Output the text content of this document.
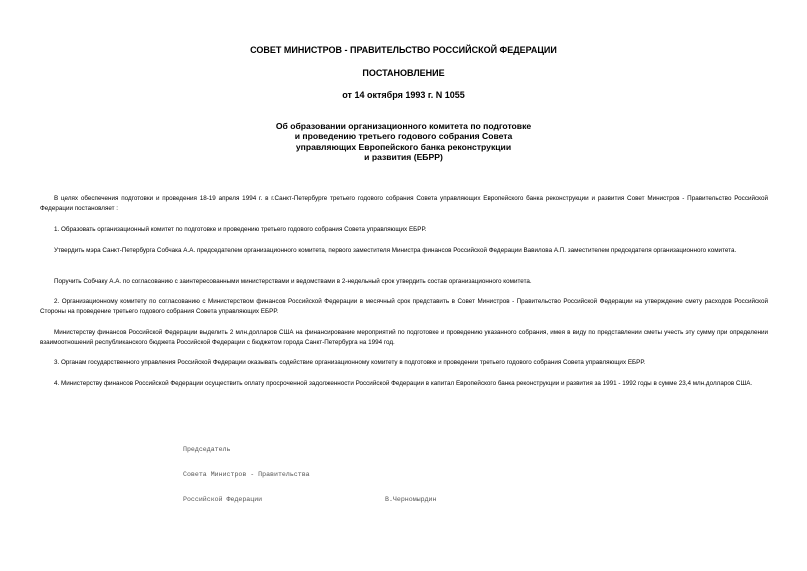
СОВЕТ МИНИСТРОВ - ПРАВИТЕЛЬСТВО РОССИЙСКОЙ ФЕДЕРАЦИИ
ПОСТАНОВЛЕНИЕ
от 14 октября 1993 г. N 1055
Об образовании организационного комитета по подготовке
и проведению третьего годового собрания Совета
управляющих Европейского банка реконструкции
и развития (ЕБРР)

В целях обеспечения подготовки и проведения 18-19 апреля 1994 г. в г.Санкт-Петербурге третьего годового собрания Совета управляющих Европейского банка реконструкции и развития Совет Министров - Правительство Российской Федерации постановляет :

1. Образовать организационный комитет по подготовке и проведению третьего годового собрания Совета управляющих ЕБРР.

Утвердить мэра Санкт-Петербурга Собчака А.А. председателем организационного комитета, первого заместителя Министра финансов Российской Федерации Вавилова А.П. заместителем председателя организационного комитета.

Поручить Собчаку А.А. по согласованию с заинтересованными министерствами и ведомствами в 2-недельный срок утвердить состав организационного комитета.

2. Организационному комитету по согласованию с Министерством финансов Российской Федерации в месячный срок представить в Совет Министров - Правительство Российской Федерации на утверждение смету расходов Российской Стороны на проведение третьего годового собрания Совета управляющих ЕБРР.

Министерству финансов Российской Федерации выделить 2 млн.долларов США на финансирование мероприятий по подготовке и проведению указанного собрания, имея в виду по представлении сметы учесть эту сумму при определении взаимоотношений республиканского бюджета Российской Федерации с бюджетом города Санкт-Петербурга на 1994 год.

3. Органам государственного управления Российской Федерации оказывать содействие организационному комитету в подготовке и проведении третьего годового собрания Совета управляющих ЕБРР.

4. Министерству финансов Российской Федерации осуществить оплату просроченной задолженности Российской Федерации в капитал Европейского банка реконструкции и развития за 1991 - 1992 годы в сумме 23,4 млн.долларов США.

Председатель

Совета Министров - Правительства

Российской Федерации	В.Черномырдин
